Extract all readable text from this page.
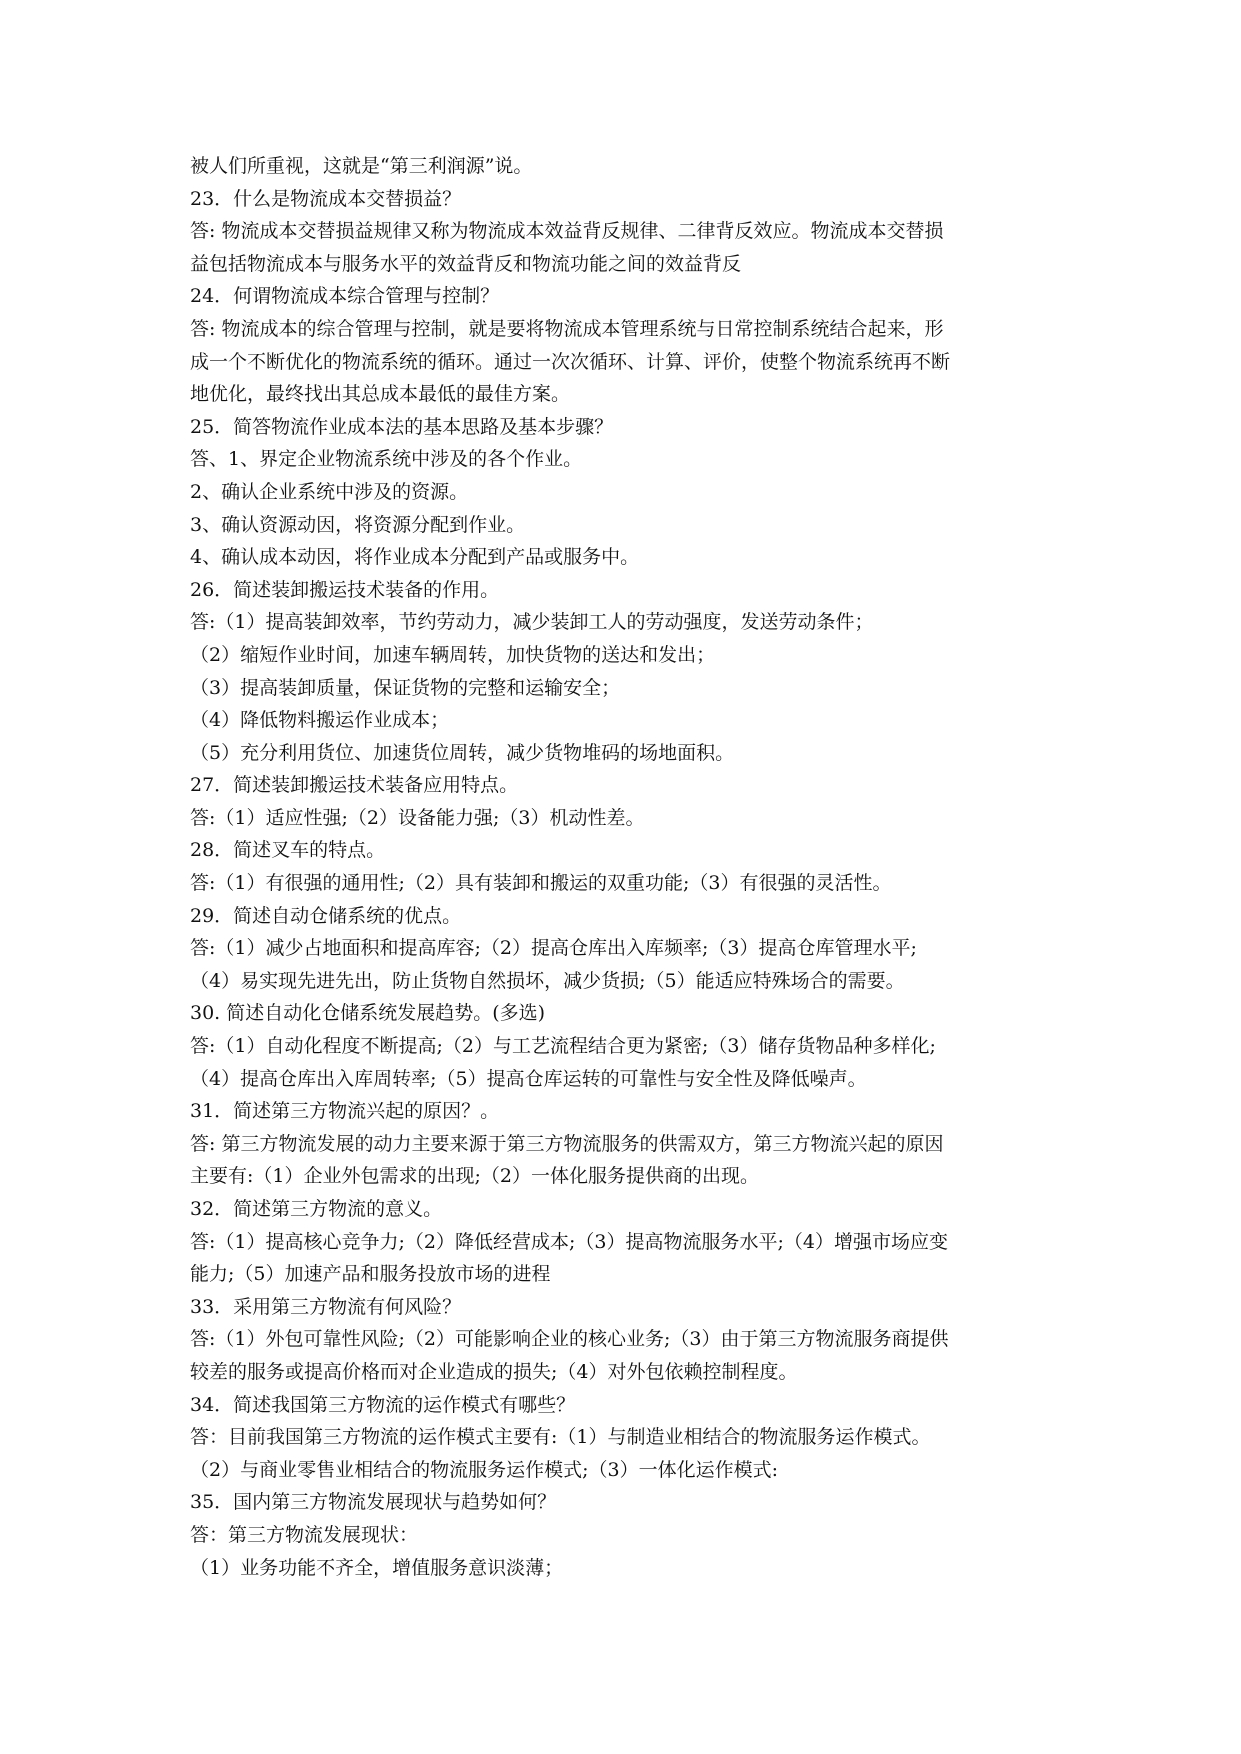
被人们所重视，这就是“第三利润源”说。
23．什么是物流成本交替损益？
答: 物流成本交替损益规律又称为物流成本效益背反规律、二律背反效应。物流成本交替损
益包括物流成本与服务水平的效益背反和物流功能之间的效益背反
24．何谓物流成本综合管理与控制？
答: 物流成本的综合管理与控制，就是要将物流成本管理系统与日常控制系统结合起来，形
成一个不断优化的物流系统的循环。通过一次次循环、计算、评价，使整个物流系统再不断
地优化，最终找出其总成本最低的最佳方案。
25．简答物流作业成本法的基本思路及基本步骤？
答、1、界定企业物流系统中涉及的各个作业。
2、确认企业系统中涉及的资源。
3、确认资源动因，将资源分配到作业。
4、确认成本动因，将作业成本分配到产品或服务中。
26．简述装卸搬运技术装备的作用。
答:（1）提高装卸效率，节约劳动力，减少装卸工人的劳动强度，发送劳动条件；
（2）缩短作业时间，加速车辆周转，加快货物的送达和发出；
（3）提高装卸质量，保证货物的完整和运输安全；
（4）降低物料搬运作业成本；
（5）充分利用货位、加速货位周转，减少货物堆码的场地面积。
27．简述装卸搬运技术装备应用特点。
答:（1）适应性强;（2）设备能力强;（3）机动性差。
28．简述叉车的特点。
答:（1）有很强的通用性;（2）具有装卸和搬运的双重功能;（3）有很强的灵活性。
29．简述自动仓储系统的优点。
答:（1）减少占地面积和提高库容;（2）提高仓库出入库频率;（3）提高仓库管理水平;
（4）易实现先进先出，防止货物自然损坏，减少货损;（5）能适应特殊场合的需要。
30. 简述自动化仓储系统发展趋势。(多选)
答:（1）自动化程度不断提高;（2）与工艺流程结合更为紧密;（3）储存货物品种多样化;
（4）提高仓库出入库周转率;（5）提高仓库运转的可靠性与安全性及降低噪声。
31．简述第三方物流兴起的原因？。
答: 第三方物流发展的动力主要来源于第三方物流服务的供需双方，第三方物流兴起的原因
主要有:（1）企业外包需求的出现;（2）一体化服务提供商的出现。
32．简述第三方物流的意义。
答:（1）提高核心竞争力;（2）降低经营成本;（3）提高物流服务水平;（4）增强市场应变
能力;（5）加速产品和服务投放市场的进程
33．采用第三方物流有何风险？
答:（1）外包可靠性风险;（2）可能影响企业的核心业务;（3）由于第三方物流服务商提供
较差的服务或提高价格而对企业造成的损失;（4）对外包依赖控制程度。
34．简述我国第三方物流的运作模式有哪些？
答：目前我国第三方物流的运作模式主要有:（1）与制造业相结合的物流服务运作模式。
（2）与商业零售业相结合的物流服务运作模式;（3）一体化运作模式:
35．国内第三方物流发展现状与趋势如何？
答：第三方物流发展现状：
（1）业务功能不齐全，增值服务意识淡薄；
